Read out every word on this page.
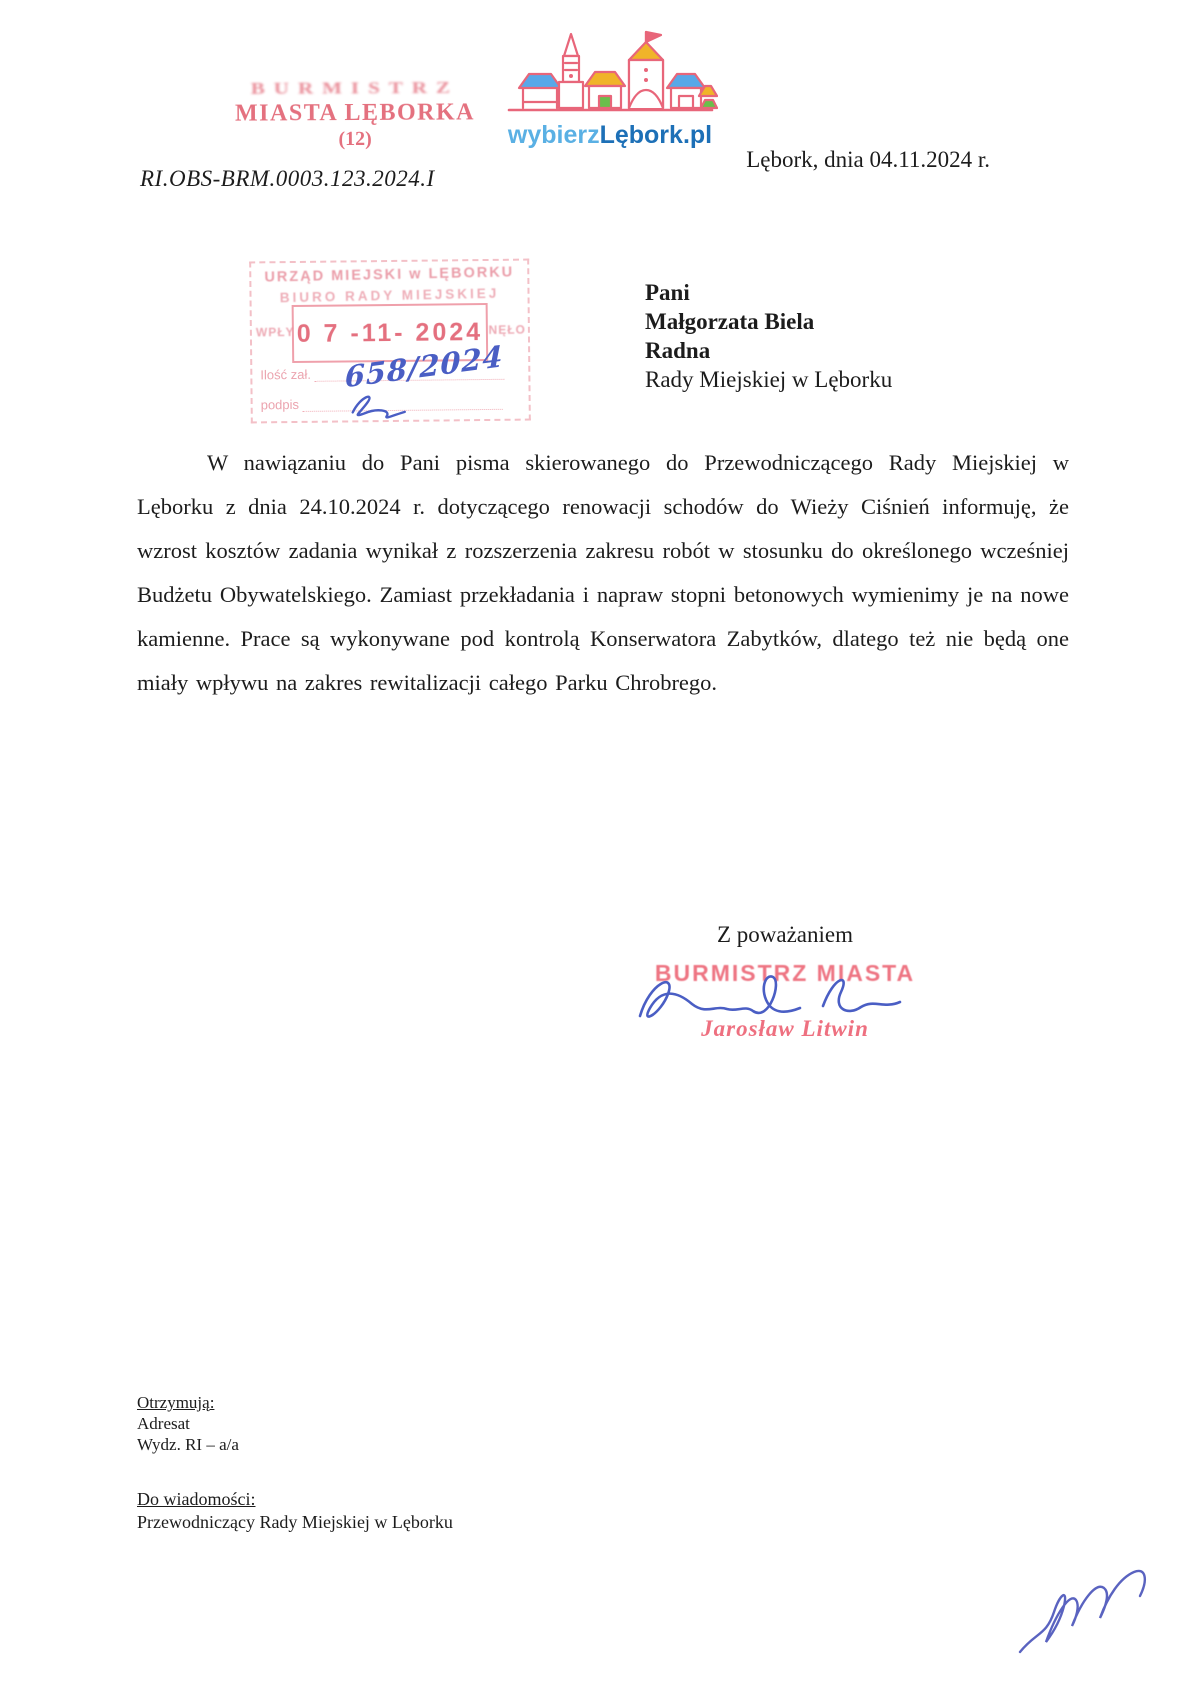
BURMISTRZ
MIASTA LĘBORKA
(12)	wybierzLębork.pl
Lębork, dnia 04.11.2024 r.
RI.OBS-BRM.0003.123.2024.I
URZĄD MIEJSKI w LĘBORKU
BIURO RADY MIEJSKIEJ
WPŁY 0 7 -11- 2024 NĘŁO
Ilość zał.
podpis
658/2024
Pani
Małgorzata Biela
Radna
Rady Miejskiej w Lęborku
W nawiązaniu do Pani pisma skierowanego do Przewodniczącego Rady Miejskiej w Lęborku z dnia 24.10.2024 r. dotyczącego renowacji schodów do Wieży Ciśnień informuję, że wzrost kosztów zadania wynikał z rozszerzenia zakresu robót w stosunku do określonego wcześniej Budżetu Obywatelskiego. Zamiast przekładania i napraw stopni betonowych wymienimy je na nowe kamienne. Prace są wykonywane pod kontrolą Konserwatora Zabytków, dlatego też nie będą one miały wpływu na zakres rewitalizacji całego Parku Chrobrego.
Z poważaniem
BURMISTRZ MIASTA
Jarosław Litwin
Otrzymują:
Adresat
Wydz. RI – a/a
Do wiadomości:
Przewodniczący Rady Miejskiej w Lęborku
